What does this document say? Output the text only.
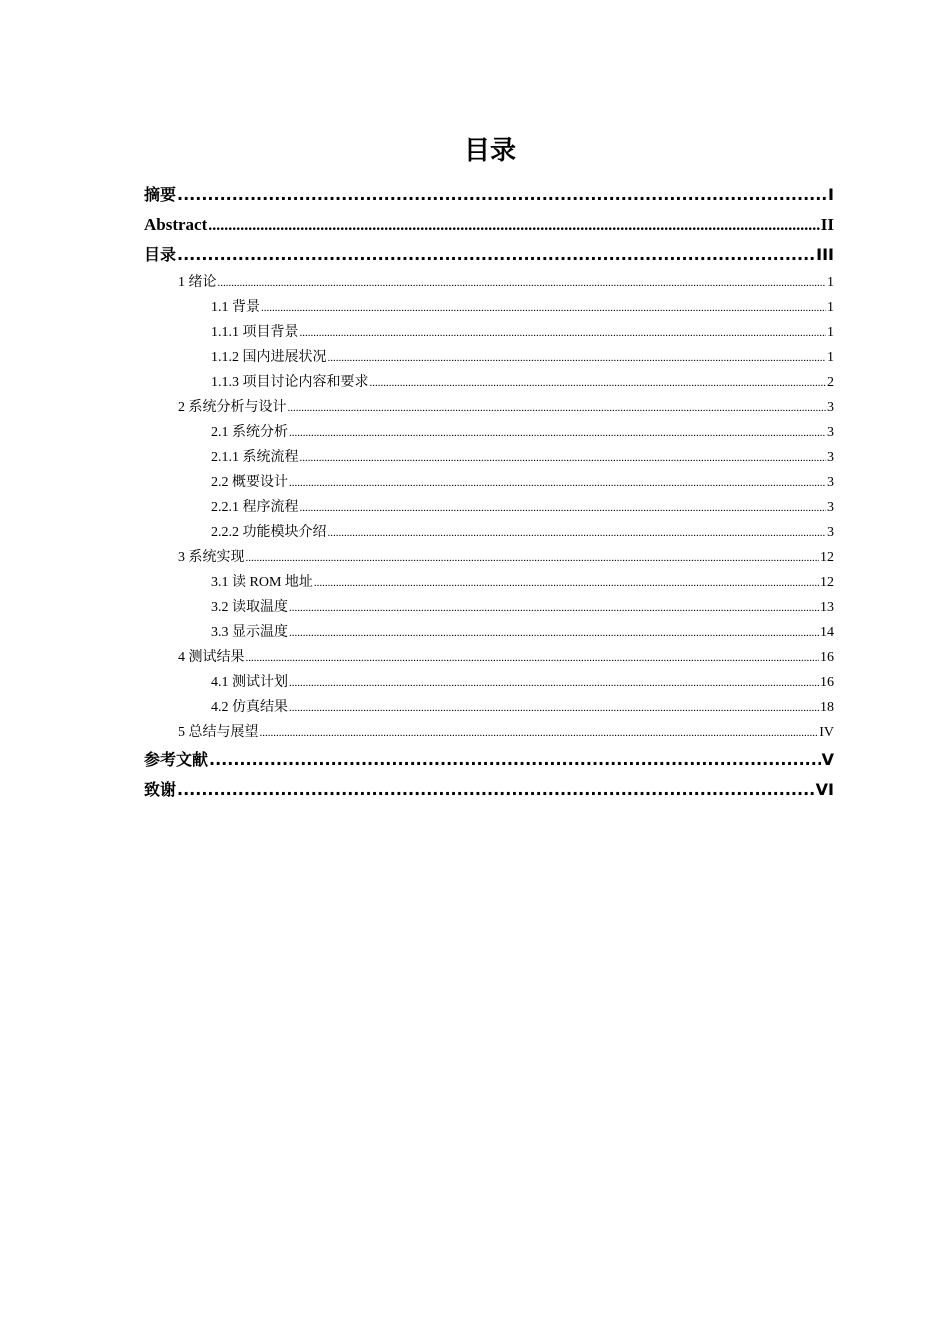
目录
摘要 .....	I
Abstract .....	II
目录 .....	III
1 绪论 .....	1
1.1 背景 .....	1
1.1.1 项目背景 .....	1
1.1.2 国内进展状况 .....	1
1.1.3 项目讨论内容和要求 .....	2
2 系统分析与设计 .....	3
2.1 系统分析 .....	3
2.1.1 系统流程 .....	3
2.2 概要设计 .....	3
2.2.1 程序流程 .....	3
2.2.2 功能模块介绍 .....	3
3 系统实现 .....	12
3.1 读 ROM 地址 .....	12
3.2 读取温度 .....	13
3.3 显示温度 .....	14
4 测试结果 .....	16
4.1 测试计划 .....	16
4.2 仿真结果 .....	18
5 总结与展望 .....	IV
参考文献 .....	V
致谢 .....	VI
